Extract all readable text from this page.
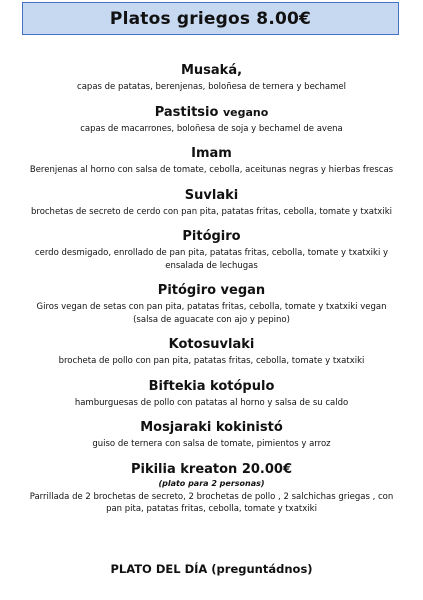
Platos griegos 8.00€
Musaká,
capas de patatas, berenjenas, boloñesa de ternera y bechamel
Pastitsio vegano
capas de macarrones, boloñesa de soja y bechamel de avena
Imam
Berenjenas al horno con salsa de tomate, cebolla, aceitunas negras y hierbas frescas
Suvlaki
brochetas de secreto de cerdo con pan pita, patatas fritas, cebolla, tomate y txatxiki
Pitógiro
cerdo desmigado, enrollado de pan pita, patatas fritas, cebolla, tomate y txatxiki y ensalada de lechugas
Pitógiro vegan
Giros vegan de setas con pan pita, patatas fritas, cebolla, tomate y txatxiki vegan (salsa de aguacate con ajo y pepino)
Kotosuvlaki
brocheta de pollo con pan pita, patatas fritas, cebolla, tomate y txatxiki
Biftekia kotópulo
hamburguesas de pollo con patatas al horno y salsa de su caldo
Mosjaraki kokinistó
guiso de ternera con salsa de tomate, pimientos y arroz
Pikilia kreaton 20.00€
(plato para 2 personas)
Parrillada de 2 brochetas de secreto, 2 brochetas de pollo , 2 salchichas griegas , con pan pita, patatas fritas, cebolla, tomate y txatxiki
PLATO DEL DÍA (preguntádnos)
